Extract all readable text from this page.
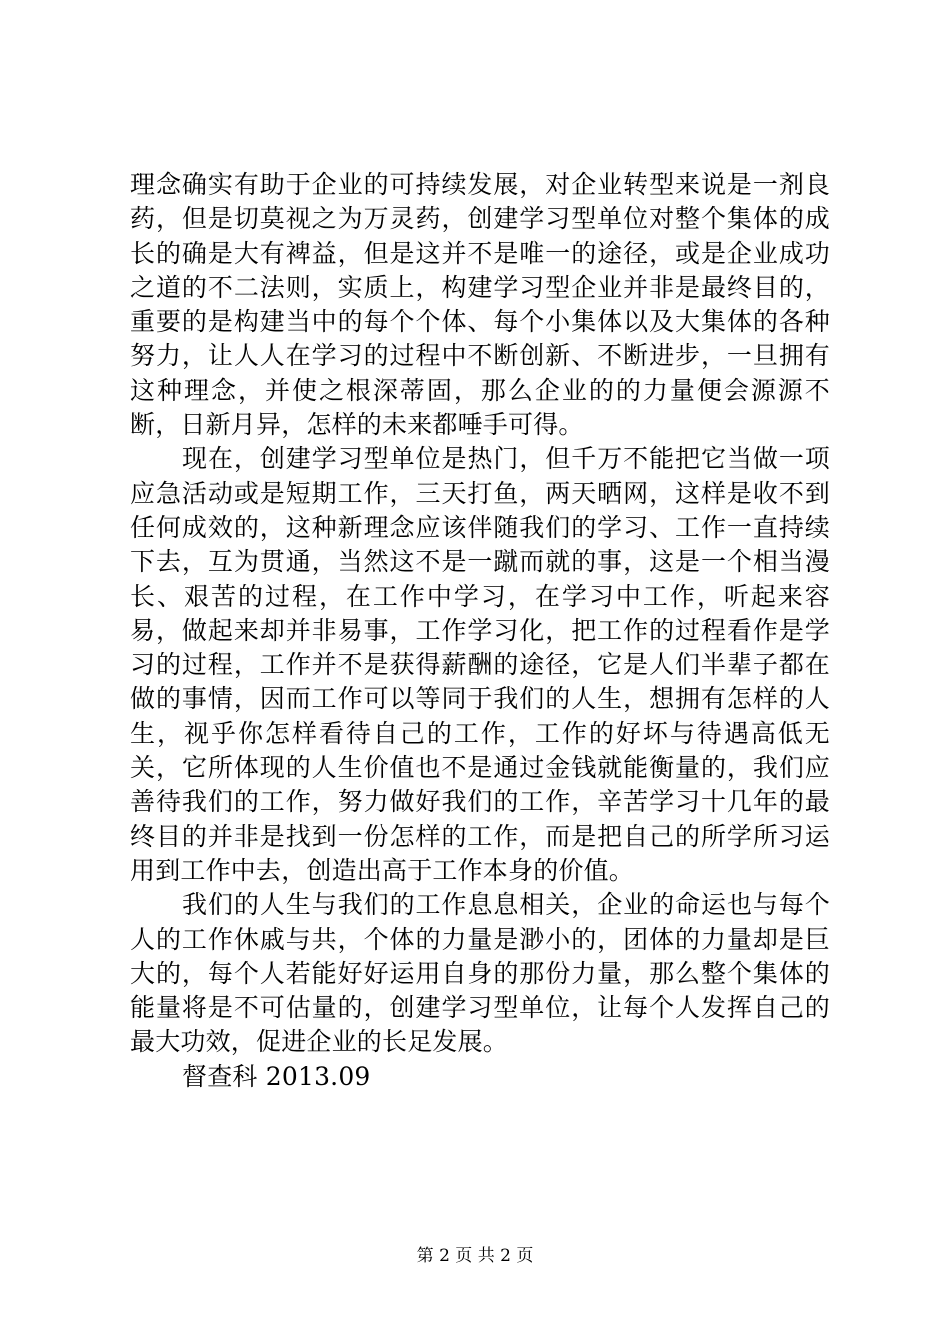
理念确实有助于企业的可持续发展，对企业转型来说是一剂良药，但是切莫视之为万灵药，创建学习型单位对整个集体的成长的确是大有裨益，但是这并不是唯一的途径，或是企业成功之道的不二法则，实质上，构建学习型企业并非是最终目的，重要的是构建当中的每个个体、每个小集体以及大集体的各种努力，让人人在学习的过程中不断创新、不断进步，一旦拥有这种理念，并使之根深蒂固，那么企业的的力量便会源源不断，日新月异，怎样的未来都唾手可得。

现在，创建学习型单位是热门，但千万不能把它当做一项应急活动或是短期工作，三天打鱼，两天晒网，这样是收不到任何成效的，这种新理念应该伴随我们的学习、工作一直持续下去，互为贯通，当然这不是一蹴而就的事，这是一个相当漫长、艰苦的过程，在工作中学习，在学习中工作，听起来容易，做起来却并非易事，工作学习化，把工作的过程看作是学习的过程，工作并不是获得薪酬的途径，它是人们半辈子都在做的事情，因而工作可以等同于我们的人生，想拥有怎样的人生，视乎你怎样看待自己的工作，工作的好坏与待遇高低无关，它所体现的人生价值也不是通过金钱就能衡量的，我们应善待我们的工作，努力做好我们的工作，辛苦学习十几年的最终目的并非是找到一份怎样的工作，而是把自己的所学所习运用到工作中去，创造出高于工作本身的价值。

我们的人生与我们的工作息息相关，企业的命运也与每个人的工作休戚与共，个体的力量是渺小的，团体的力量却是巨大的，每个人若能好好运用自身的那份力量，那么整个集体的能量将是不可估量的，创建学习型单位，让每个人发挥自己的最大功效，促进企业的长足发展。

督查科 2013.09

第 2 页 共 2 页
